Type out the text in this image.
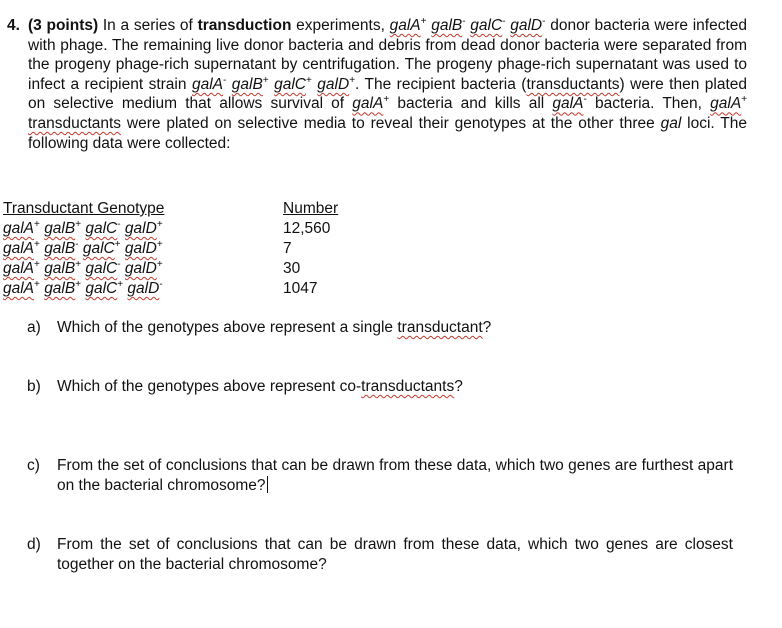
4. (3 points) In a series of transduction experiments, galA+ galB- galC- galD- donor bacteria were infected with phage. The remaining live donor bacteria and debris from dead donor bacteria were separated from the progeny phage-rich supernatant by centrifugation. The progeny phage-rich supernatant was used to infect a recipient strain galA- galB+ galC+ galD+. The recipient bacteria (transductants) were then plated on selective medium that allows survival of galA+ bacteria and kills all galA- bacteria. Then, galA+ transductants were plated on selective media to reveal their genotypes at the other three gal loci. The following data were collected:
Transductant Genotype	Number
galA+ galB+ galC- galD+	12,560
galA+ galB- galC+ galD+	7
galA+ galB+ galC- galD+	30
galA+ galB+ galC+ galD-	1047
a)	Which of the genotypes above represent a single transductant?
b)	Which of the genotypes above represent co-transductants?
c)	From the set of conclusions that can be drawn from these data, which two genes are furthest apart on the bacterial chromosome?
d)	From the set of conclusions that can be drawn from these data, which two genes are closest together on the bacterial chromosome?
